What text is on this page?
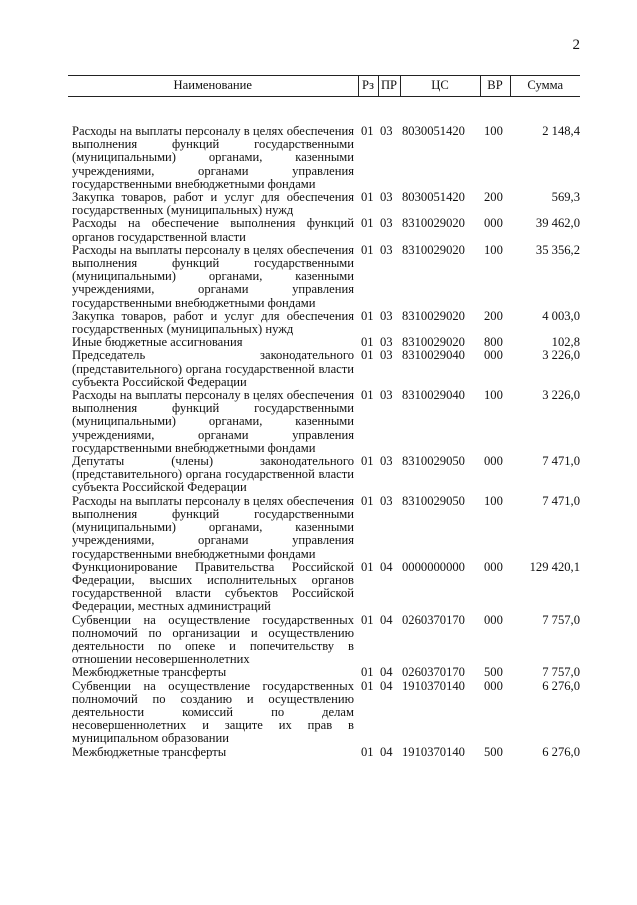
2
Наименование	Рз	ПР	ЦС	ВР	Сумма
Расходы на выплаты персоналу в целях обеспечения выполнения функций государственными (муниципальными) органами, казенными учреждениями, органами управления государственными внебюджетными фондами	01	03	8030051420	100	2 148,4
Закупка товаров, работ и услуг для обеспечения государственных (муниципальных) нужд	01	03	8030051420	200	569,3
Расходы на обеспечение выполнения функций органов государственной власти	01	03	8310029020	000	39 462,0
Расходы на выплаты персоналу в целях обеспечения выполнения функций государственными (муниципальными) органами, казенными учреждениями, органами управления государственными внебюджетными фондами	01	03	8310029020	100	35 356,2
Закупка товаров, работ и услуг для обеспечения государственных (муниципальных) нужд	01	03	8310029020	200	4 003,0
Иные бюджетные ассигнования	01	03	8310029020	800	102,8
Председатель законодательного (представительного) органа государственной власти субъекта Российской Федерации	01	03	8310029040	000	3 226,0
Расходы на выплаты персоналу в целях обеспечения выполнения функций государственными (муниципальными) органами, казенными учреждениями, органами управления государственными внебюджетными фондами	01	03	8310029040	100	3 226,0
Депутаты (члены) законодательного (представительного) органа государственной власти субъекта Российской Федерации	01	03	8310029050	000	7 471,0
Расходы на выплаты персоналу в целях обеспечения выполнения функций государственными (муниципальными) органами, казенными учреждениями, органами управления государственными внебюджетными фондами	01	03	8310029050	100	7 471,0
Функционирование Правительства Российской Федерации, высших исполнительных органов государственной власти субъектов Российской Федерации, местных администраций	01	04	0000000000	000	129 420,1
Субвенции на осуществление государственных полномочий по организации и осуществлению деятельности по опеке и попечительству в отношении несовершеннолетних	01	04	0260370170	000	7 757,0
Межбюджетные трансферты	01	04	0260370170	500	7 757,0
Субвенции на осуществление государственных полномочий по созданию и осуществлению деятельности комиссий по делам несовершеннолетних и защите их прав в муниципальном образовании	01	04	1910370140	000	6 276,0
Межбюджетные трансферты	01	04	1910370140	500	6 276,0
